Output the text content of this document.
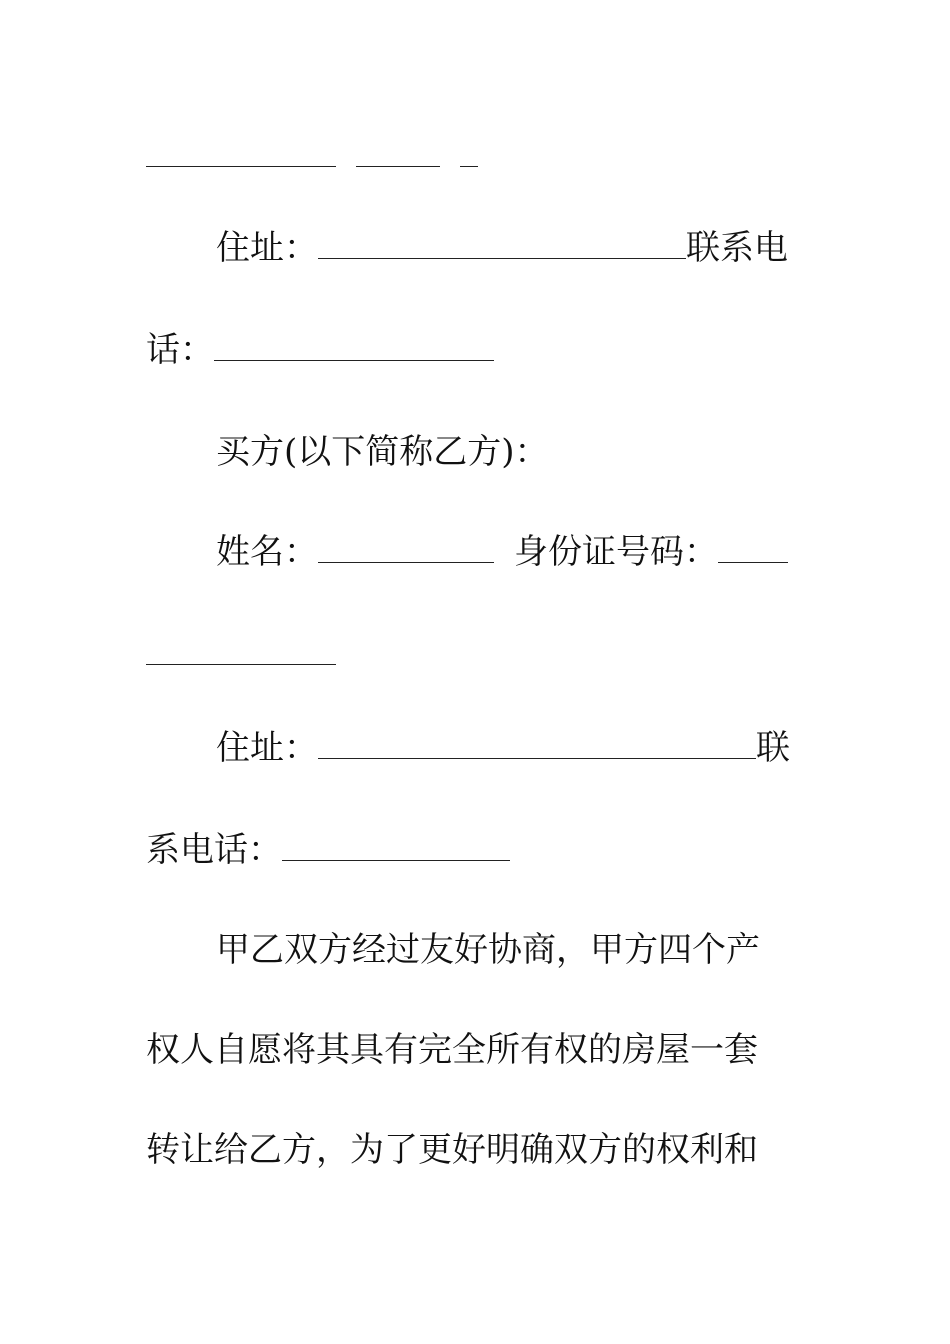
住址：	联系电
话：
买方(以下简称乙方)：
姓名：	身份证号码：
住址：	联
系电话：
甲乙双方经过友好协商，甲方四个产
权人自愿将其具有完全所有权的房屋一套
转让给乙方，为了更好明确双方的权利和
